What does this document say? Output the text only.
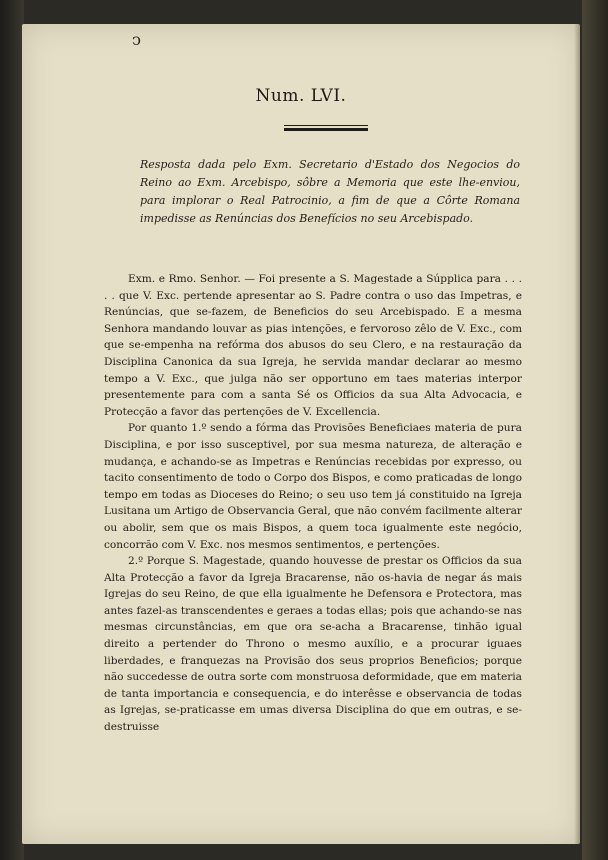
ↄ
Num. LVI.
Resposta dada pelo Exm. Secretario d'Estado dos Negocios do Reino ao Exm. Arcebispo, sôbre a Memoria que este lhe-enviou, para implorar o Real Patrocinio, a fim de que a Côrte Romana impedisse as Renúncias dos Benefícios no seu Arcebispado.

Exm. e Rmo. Senhor. — Foi presente a S. Magestade a Súpplica para . . . . . que V. Exc. pertende apresentar ao S. Padre contra o uso das Impetras, e Renúncias, que se-fazem, de Beneficios do seu Arcebispado. E a mesma Senhora mandando louvar as pias intenções, e fervoroso zêlo de V. Exc., com que se-empenha na refórma dos abusos do seu Clero, e na restauração da Disciplina Canonica da sua Igreja, he servida mandar declarar ao mesmo tempo a V. Exc., que julga não ser opportuno em taes materias interpor presentemente para com a santa Sé os Officios da sua Alta Advocacia, e Protecção a favor das pertenções de V. Excellencia.

Por quanto 1.º sendo a fórma das Provisões Beneficiaes materia de pura Disciplina, e por isso susceptivel, por sua mesma natureza, de alteração e mudança, e achando-se as Impetras e Renúncias recebidas por expresso, ou tacito consentimento de todo o Corpo dos Bispos, e como praticadas de longo tempo em todas as Dioceses do Reino; o seu uso tem já constituido na Igreja Lusitana um Artigo de Observancia Geral, que não convém facilmente alterar ou abolir, sem que os mais Bispos, a quem toca igualmente este negócio, concorrão com V. Exc. nos mesmos sentimentos, e pertenções.

2.º Porque S. Magestade, quando houvesse de prestar os Officios da sua Alta Protecção a favor da Igreja Bracarense, não os-havia de negar ás mais Igrejas do seu Reino, de que ella igualmente he Defensora e Protectora, mas antes fazel-as transcendentes e geraes a todas ellas; pois que achando-se nas mesmas circunstâncias, em que ora se-acha a Bracarense, tinhão igual direito a pertender do Throno o mesmo auxílio, e a procurar iguaes liberdades, e franquezas na Provisão dos seus proprios Beneficios; porque não succedesse de outra sorte com monstruosa deformidade, que em materia de tanta importancia e consequencia, e do interêsse e observancia de todas as Igrejas, se-praticasse em umas diversa Disciplina do que em outras, e se-destruisse
